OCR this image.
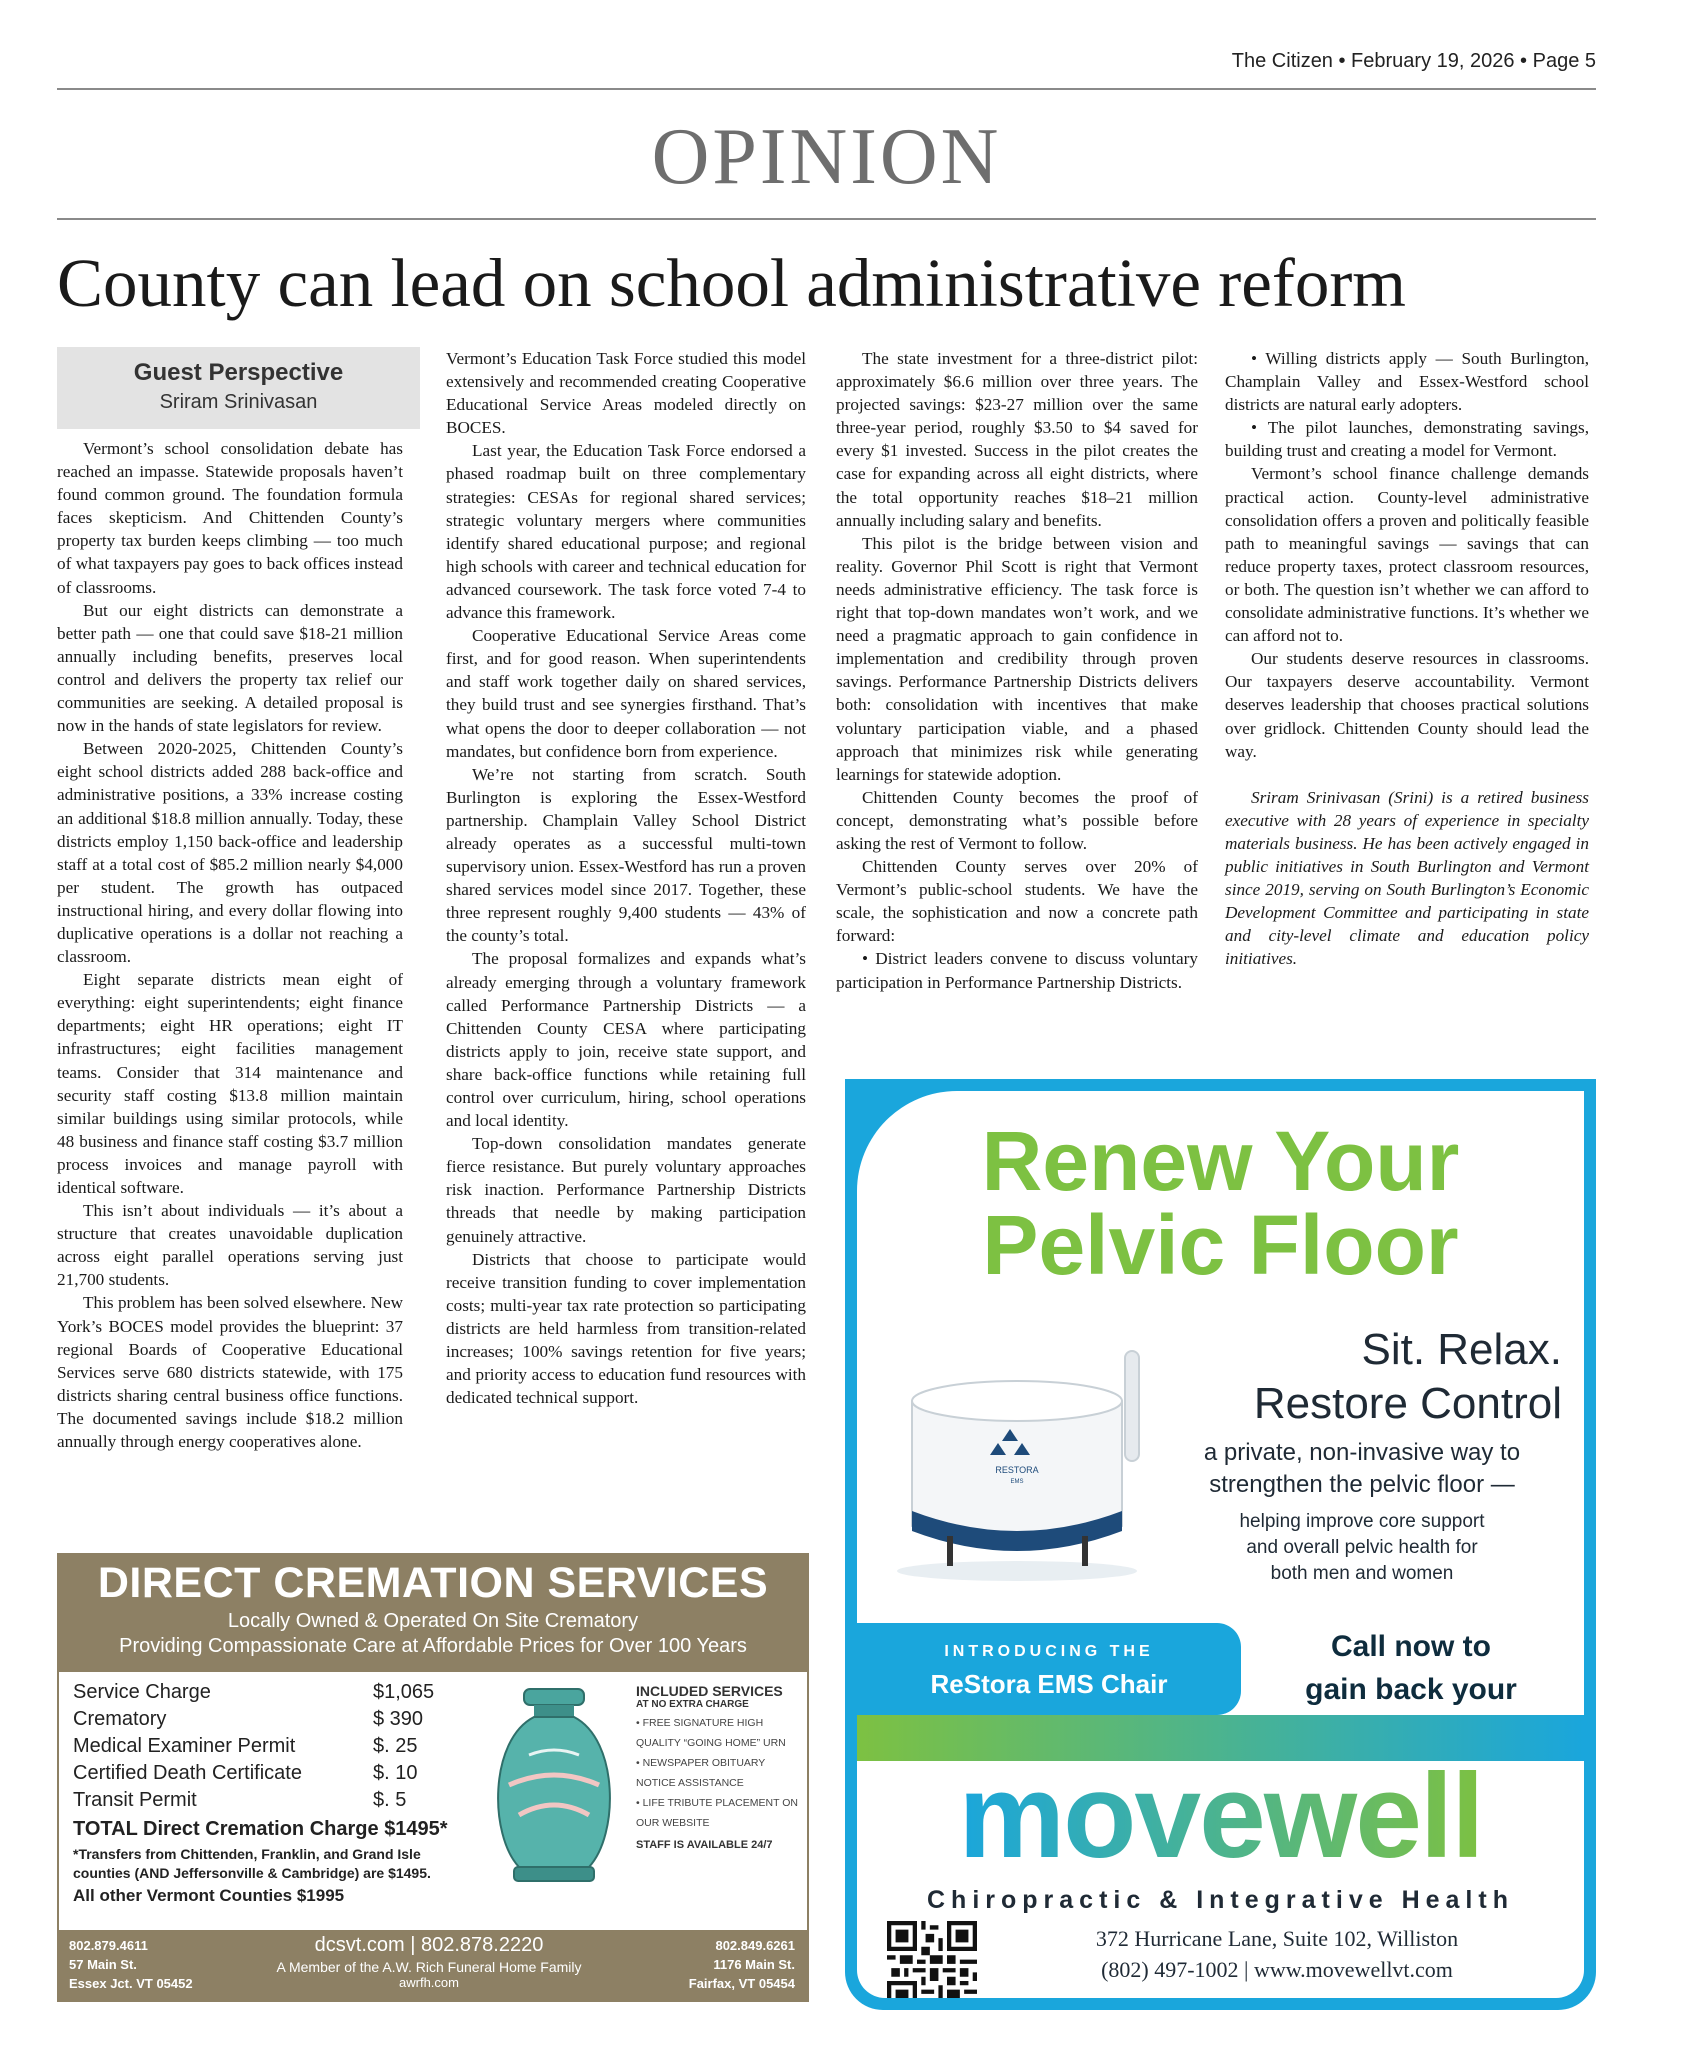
The Citizen • February 19, 2026 • Page 5
OPINION
County can lead on school administrative reform
Guest Perspective
Sriram Srinivasan

Vermont’s school consolidation debate has reached an impasse. Statewide proposals haven’t found common ground. The foundation formula faces skepticism. And Chittenden County’s property tax burden keeps climbing — too much of what taxpayers pay goes to back offices instead of classrooms.

But our eight districts can demonstrate a better path — one that could save $18-21 million annually including benefits, preserves local control and delivers the property tax relief our communities are seeking. A detailed proposal is now in the hands of state legislators for review.

Between 2020-2025, Chittenden County’s eight school districts added 288 back-office and administrative positions, a 33% increase costing an additional $18.8 million annually. Today, these districts employ 1,150 back-office and leadership staff at a total cost of $85.2 million nearly $4,000 per student. The growth has outpaced instructional hiring, and every dollar flowing into duplicative operations is a dollar not reaching a classroom.

Eight separate districts mean eight of everything: eight superintendents; eight finance departments; eight HR operations; eight IT infrastructures; eight facilities management teams. Consider that 314 maintenance and security staff costing $13.8 million maintain similar buildings using similar protocols, while 48 business and finance staff costing $3.7 million process invoices and manage payroll with identical software.

This isn’t about individuals — it’s about a structure that creates unavoidable duplication across eight parallel operations serving just 21,700 students.

This problem has been solved elsewhere. New York’s BOCES model provides the blueprint: 37 regional Boards of Cooperative Educational Services serve 680 districts statewide, with 175 districts sharing central business office functions. The documented savings include $18.2 million annually through energy cooperatives alone.

Vermont’s Education Task Force studied this model extensively and recommended creating Cooperative Educational Service Areas modeled directly on BOCES.

Last year, the Education Task Force endorsed a phased roadmap built on three complementary strategies: CESAs for regional shared services; strategic voluntary mergers where communities identify shared educational purpose; and regional high schools with career and technical education for advanced coursework. The task force voted 7-4 to advance this framework.

Cooperative Educational Service Areas come first, and for good reason. When superintendents and staff work together daily on shared services, they build trust and see synergies firsthand. That’s what opens the door to deeper collaboration — not mandates, but confidence born from experience.

We’re not starting from scratch. South Burlington is exploring the Essex-Westford partnership. Champlain Valley School District already operates as a successful multi-town supervisory union. Essex-Westford has run a proven shared services model since 2017. Together, these three represent roughly 9,400 students — 43% of the county’s total.

The proposal formalizes and expands what’s already emerging through a voluntary framework called Performance Partnership Districts — a Chittenden County CESA where participating districts apply to join, receive state support, and share back-office functions while retaining full control over curriculum, hiring, school operations and local identity.

Top-down consolidation mandates generate fierce resistance. But purely voluntary approaches risk inaction. Performance Partnership Districts threads that needle by making participation genuinely attractive.

Districts that choose to participate would receive transition funding to cover implementation costs; multi-year tax rate protection so participating districts are held harmless from transition-related increases; 100% savings retention for five years; and priority access to education fund resources with dedicated technical support.

The state investment for a three-district pilot: approximately $6.6 million over three years. The projected savings: $23-27 million over the same three-year period, roughly $3.50 to $4 saved for every $1 invested. Success in the pilot creates the case for expanding across all eight districts, where the total opportunity reaches $18–21 million annually including salary and benefits.

This pilot is the bridge between vision and reality. Governor Phil Scott is right that Vermont needs administrative efficiency. The task force is right that top-down mandates won’t work, and we need a pragmatic approach to gain confidence in implementation and credibility through proven savings. Performance Partnership Districts delivers both: consolidation with incentives that make voluntary participation viable, and a phased approach that minimizes risk while generating learnings for statewide adoption.

Chittenden County becomes the proof of concept, demonstrating what’s possible before asking the rest of Vermont to follow.

Chittenden County serves over 20% of Vermont’s public-school students. We have the scale, the sophistication and now a concrete path forward:

• District leaders convene to discuss voluntary participation in Performance Partnership Districts.

• Willing districts apply — South Burlington, Champlain Valley and Essex-Westford school districts are natural early adopters.

• The pilot launches, demonstrating savings, building trust and creating a model for Vermont.

Vermont’s school finance challenge demands practical action. County-level administrative consolidation offers a proven and politically feasible path to meaningful savings — savings that can reduce property taxes, protect classroom resources, or both. The question isn’t whether we can afford to consolidate administrative functions. It’s whether we can afford not to.

Our students deserve resources in classrooms. Our taxpayers deserve accountability. Vermont deserves leadership that chooses practical solutions over gridlock. Chittenden County should lead the way.

Sriram Srinivasan (Srini) is a retired business executive with 28 years of experience in specialty materials business. He has been actively engaged in public initiatives in South Burlington and Vermont since 2019, serving on South Burlington’s Economic Development Committee and participating in state and city-level climate and education policy initiatives.

DIRECT CREMATION SERVICES
Locally Owned & Operated On Site Crematory
Providing Compassionate Care at Affordable Prices for Over 100 Years
Service Charge	$1,065
Crematory	$ 390
Medical Examiner Permit	$. 25
Certified Death Certificate	$. 10
Transit Permit	$. 5
TOTAL Direct Cremation Charge $1495*
*Transfers from Chittenden, Franklin, and Grand Isle counties (AND Jeffersonville & Cambridge) are $1495.
All other Vermont Counties $1995
INCLUDED SERVICES
AT NO EXTRA CHARGE
• FREE SIGNATURE HIGH QUALITY “GOING HOME” URN
• NEWSPAPER OBITUARY NOTICE ASSISTANCE
• LIFE TRIBUTE PLACEMENT ON OUR WEBSITE
STAFF IS AVAILABLE 24/7
802.879.4611
57 Main St.
Essex Jct. VT 05452
dcsvt.com | 802.878.2220
A Member of the A.W. Rich Funeral Home Family
awrfh.com
802.849.6261
1176 Main St.
Fairfax, VT 05454
Renew Your
Pelvic Floor
RESTORA
EMS
Sit. Relax.
Restore Control
a private, non-invasive way to
strengthen the pelvic floor —
helping improve core support
and overall pelvic health for
both men and women
INTRODUCING THE
ReStora EMS Chair
Call now to
gain back your
movewell
Chiropractic & Integrative Health
372 Hurricane Lane, Suite 102, Williston
(802) 497-1002 | www.movewellvt.com
